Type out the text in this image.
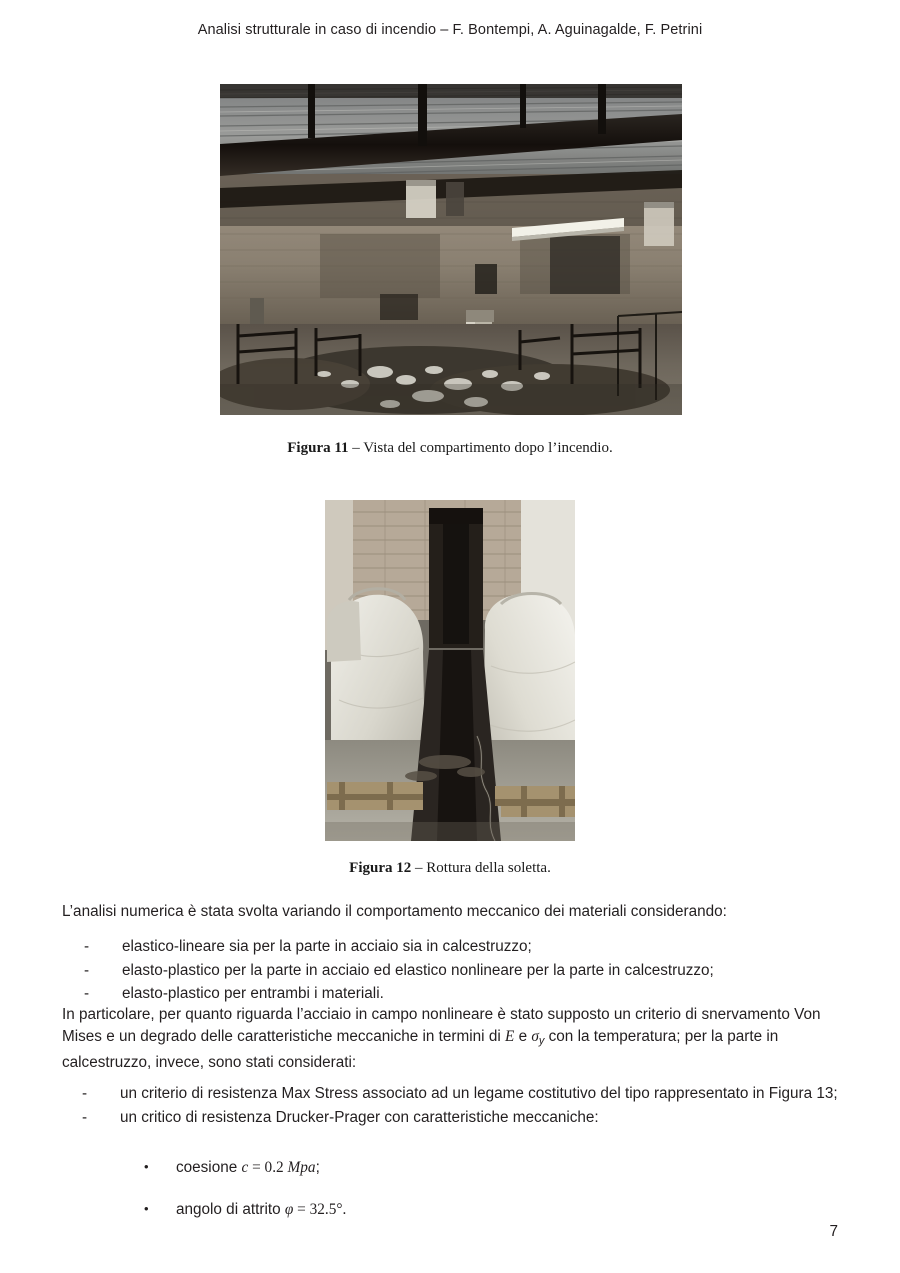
Analisi strutturale in caso di incendio – F. Bontempi, A. Aguinagalde, F. Petrini
Figura 11 – Vista del compartimento dopo l’incendio.
Figura 12 – Rottura della soletta.
L’analisi numerica è stata svolta variando il comportamento meccanico dei materiali considerando:
- elastico-lineare sia per la parte in acciaio sia in calcestruzzo;
- elasto-plastico per la parte in acciaio ed elastico nonlineare per la parte in calcestruzzo;
- elasto-plastico per entrambi i materiali.
In particolare, per quanto riguarda l’acciaio in campo nonlineare è stato supposto un criterio di snervamento Von Mises e un degrado delle caratteristiche meccaniche in termini di E e $\sigma_y$ con la temperatura; per la parte in calcestruzzo, invece, sono stati considerati:
- un criterio di resistenza Max Stress associato ad un legame costitutivo del tipo rappresentato in Figura 13;
- un critico di resistenza Drucker-Prager con caratteristiche meccaniche:
• coesione c = 0.2 Mpa;
• angolo di attrito φ = 32.5°.
7
